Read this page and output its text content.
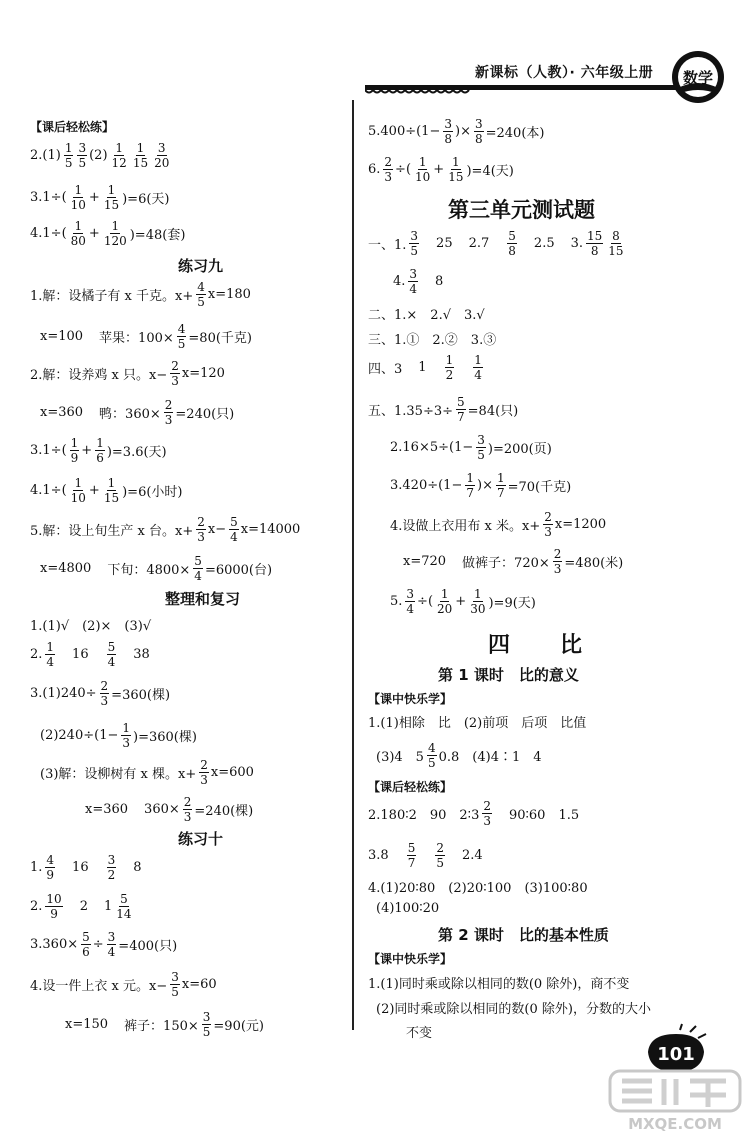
新课标（人教）· 六年级上册 数学
【课后轻松练】
$2.(1) \frac{1}{5} \frac{3}{5} (2) \frac{1}{12} \frac{1}{15} \frac{3}{20}$
$3.1\div( \frac{1}{10} + \frac{1}{15} )=6$(天)
$4.1\div( \frac{1}{80} + \frac{1}{120} )=48$(套)
练习九
1.解：设橘子有 x 千克。$x+ \frac{4}{5} x=180$
x=100 苹果：$100\times \frac{4}{5} =80$(千克)
2.解：设养鸡 x 只。$x- \frac{2}{3} x=120$
x=360 鸭：$360\times \frac{2}{3} =240$(只)
$3.1\div( \frac{1}{9} + \frac{1}{6} )=3.6$(天)
$4.1\div( \frac{1}{10} + \frac{1}{15} )=6$(小时)
5.解：设上旬生产 x 台。$x+ \frac{2}{3} x- \frac{5}{4} x=14000$
x=4800 下旬：$4800\times \frac{5}{4} =6000$(台)
整理和复习
1.(1)√　(2)×　(3)√
2. $\frac{1}{4} 16 \frac{5}{4} 38$
$3.(1)240\div \frac{2}{3} =360$(棵)
$(2)240\div(1- \frac{1}{3} )=360$(棵)
(3)解：设柳树有 x 棵。$x+ \frac{2}{3} x=600$
x=360 $360\times \frac{2}{3} =240$(棵)
练习十
1. $\frac{4}{9} 16 \frac{3}{2} 8$
2. $\frac{10}{9} 2$ $1 \frac{5}{14}$
$3.360\times \frac{5}{6} \div \frac{3}{4} =400$(只)
4.设一件上衣 x 元。$x- \frac{3}{5} x=60$
x=150 裤子：$150\times \frac{3}{5} =90$(元)
$5.400\div(1- \frac{3}{8}$ )× $\frac{3}{8} =240$(本)
6. $\frac{2}{3}$ ÷( $\frac{1}{10} + \frac{1}{15} )=4$(天)
第三单元测试题
一、1. $\frac{3}{5} 25$ $2.7 \frac{5}{8} 2.5$ 3. $\frac{15}{8} \frac{8}{15}$
4. $\frac{3}{4} 8$
二、1.×　2.√　3.√
三、1.①　2.②　3.③
四、3 $1 \frac{1}{2} \frac{1}{4}$
五、$1.35\div 3\div \frac{5}{7} =84$(只)
$2.16\times 5\div(1- \frac{3}{5} )=200$(页)
$3.420\div(1- \frac{1}{7}$ )× $\frac{1}{7} =70$(千克)
4.设做上衣用布 x 米。$x+ \frac{2}{3} x=1200$
x=720 做裤子：$720\times \frac{2}{3} =480$(米)
5. $\frac{3}{4}$ ÷( $\frac{1}{20} + \frac{1}{30} )=9$(天)
四　比
第 1 课时　比的意义
【课中快乐学】
1.(1)相除　比　(2)前项　后项　比值
(3)4　$5 \frac{4}{5} 0.8$　(4)4∶1　4
【课后轻松练】
2.180∶2　90　2∶3 $\frac{2}{3}$ 90∶60　1.5
$3.8 \frac{5}{7} \frac{2}{5} 2.4$
4.(1)20∶80　(2)20∶100　(3)100∶80
(4)100∶20
第 2 课时　比的基本性质
【课中快乐学】
1.(1)同时乘或除以相同的数(0 除外)，商不变
(2)同时乘或除以相同的数(0 除外)，分数的大小
不变
101
MXQE.COM
